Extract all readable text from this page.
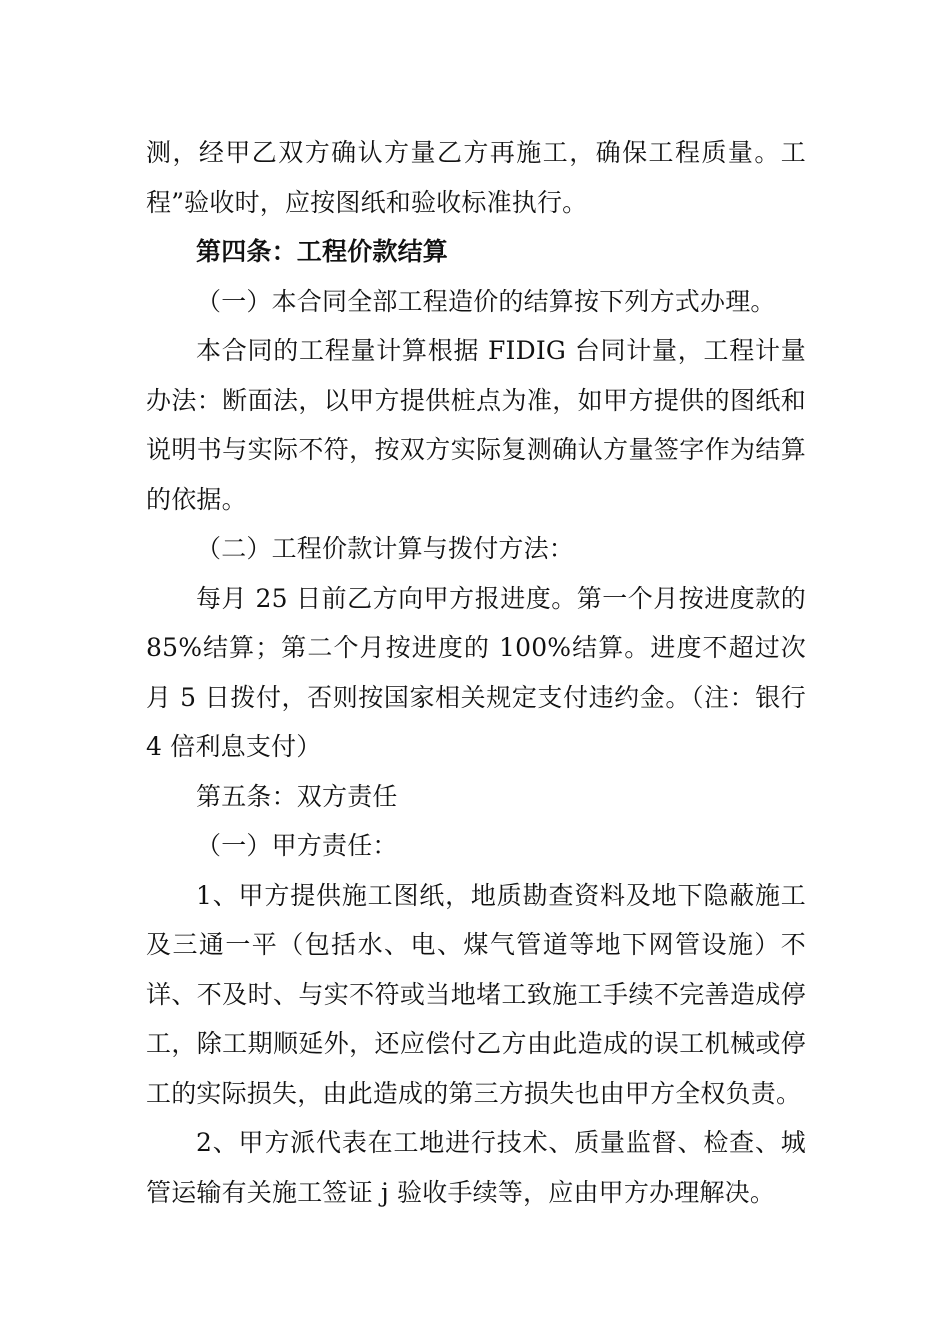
测，经甲乙双方确认方量乙方再施工，确保工程质量。工程”验收时，应按图纸和验收标准执行。

第四条：工程价款结算

（一）本合同全部工程造价的结算按下列方式办理。

本合同的工程量计算根据 FIDIG 台同计量，工程计量办法：断面法，以甲方提供桩点为准，如甲方提供的图纸和说明书与实际不符，按双方实际复测确认方量签字作为结算的依据。

（二）工程价款计算与拨付方法：

每月 25 日前乙方向甲方报进度。第一个月按进度款的 85%结算；第二个月按进度的 100%结算。进度不超过次月 5 日拨付，否则按国家相关规定支付违约金。（注：银行 4 倍利息支付）

第五条：双方责任

（一）甲方责任：

1、甲方提供施工图纸，地质勘查资料及地下隐蔽施工及三通一平（包括水、电、煤气管道等地下网管设施）不详、不及时、与实不符或当地堵工致施工手续不完善造成停工，除工期顺延外，还应偿付乙方由此造成的误工机械或停工的实际损失，由此造成的第三方损失也由甲方全权负责。

2、甲方派代表在工地进行技术、质量监督、检查、城管运输有关施工签证 j 验收手续等，应由甲方办理解决。
